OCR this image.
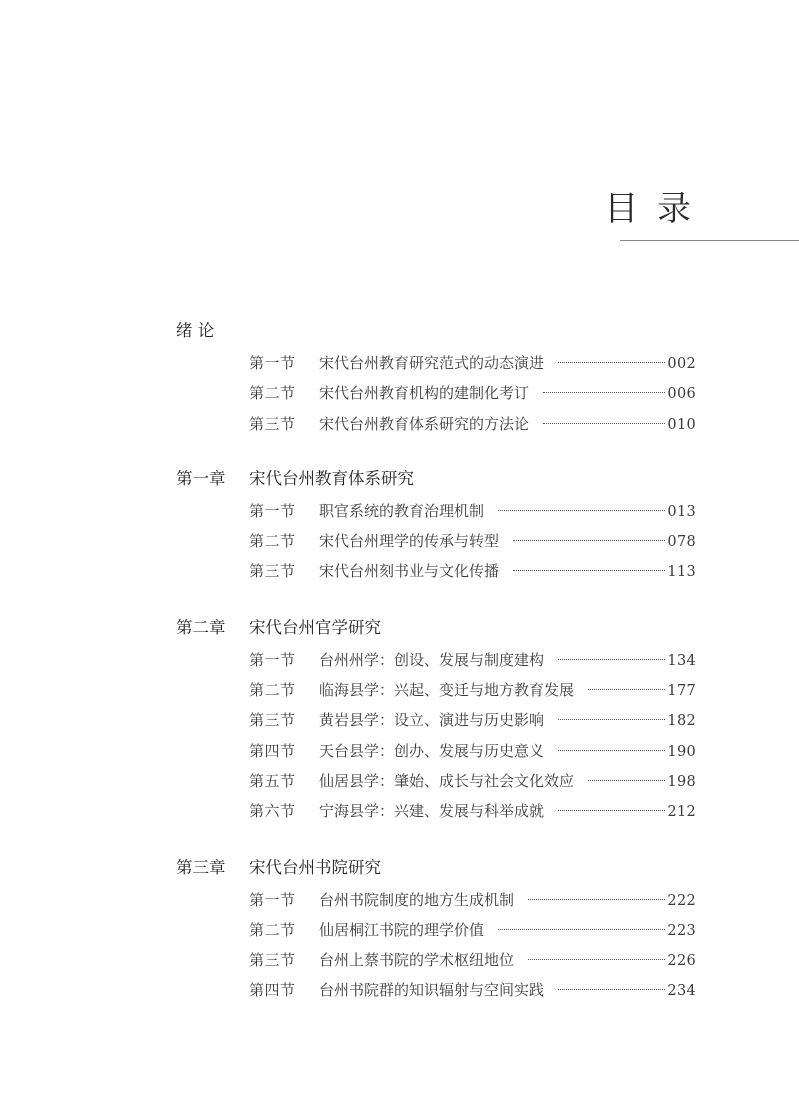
目 录
绪 论
第一节	宋代台州教育研究范式的动态演进	002
第二节	宋代台州教育机构的建制化考订	006
第三节	宋代台州教育体系研究的方法论	010
第一章	宋代台州教育体系研究
第一节	职官系统的教育治理机制	013
第二节	宋代台州理学的传承与转型	078
第三节	宋代台州刻书业与文化传播	113
第二章	宋代台州官学研究
第一节	台州州学：创设、发展与制度建构	134
第二节	临海县学：兴起、变迁与地方教育发展	177
第三节	黄岩县学：设立、演进与历史影响	182
第四节	天台县学：创办、发展与历史意义	190
第五节	仙居县学：肇始、成长与社会文化效应	198
第六节	宁海县学：兴建、发展与科举成就	212
第三章	宋代台州书院研究
第一节	台州书院制度的地方生成机制	222
第二节	仙居桐江书院的理学价值	223
第三节	台州上蔡书院的学术枢纽地位	226
第四节	台州书院群的知识辐射与空间实践	234
